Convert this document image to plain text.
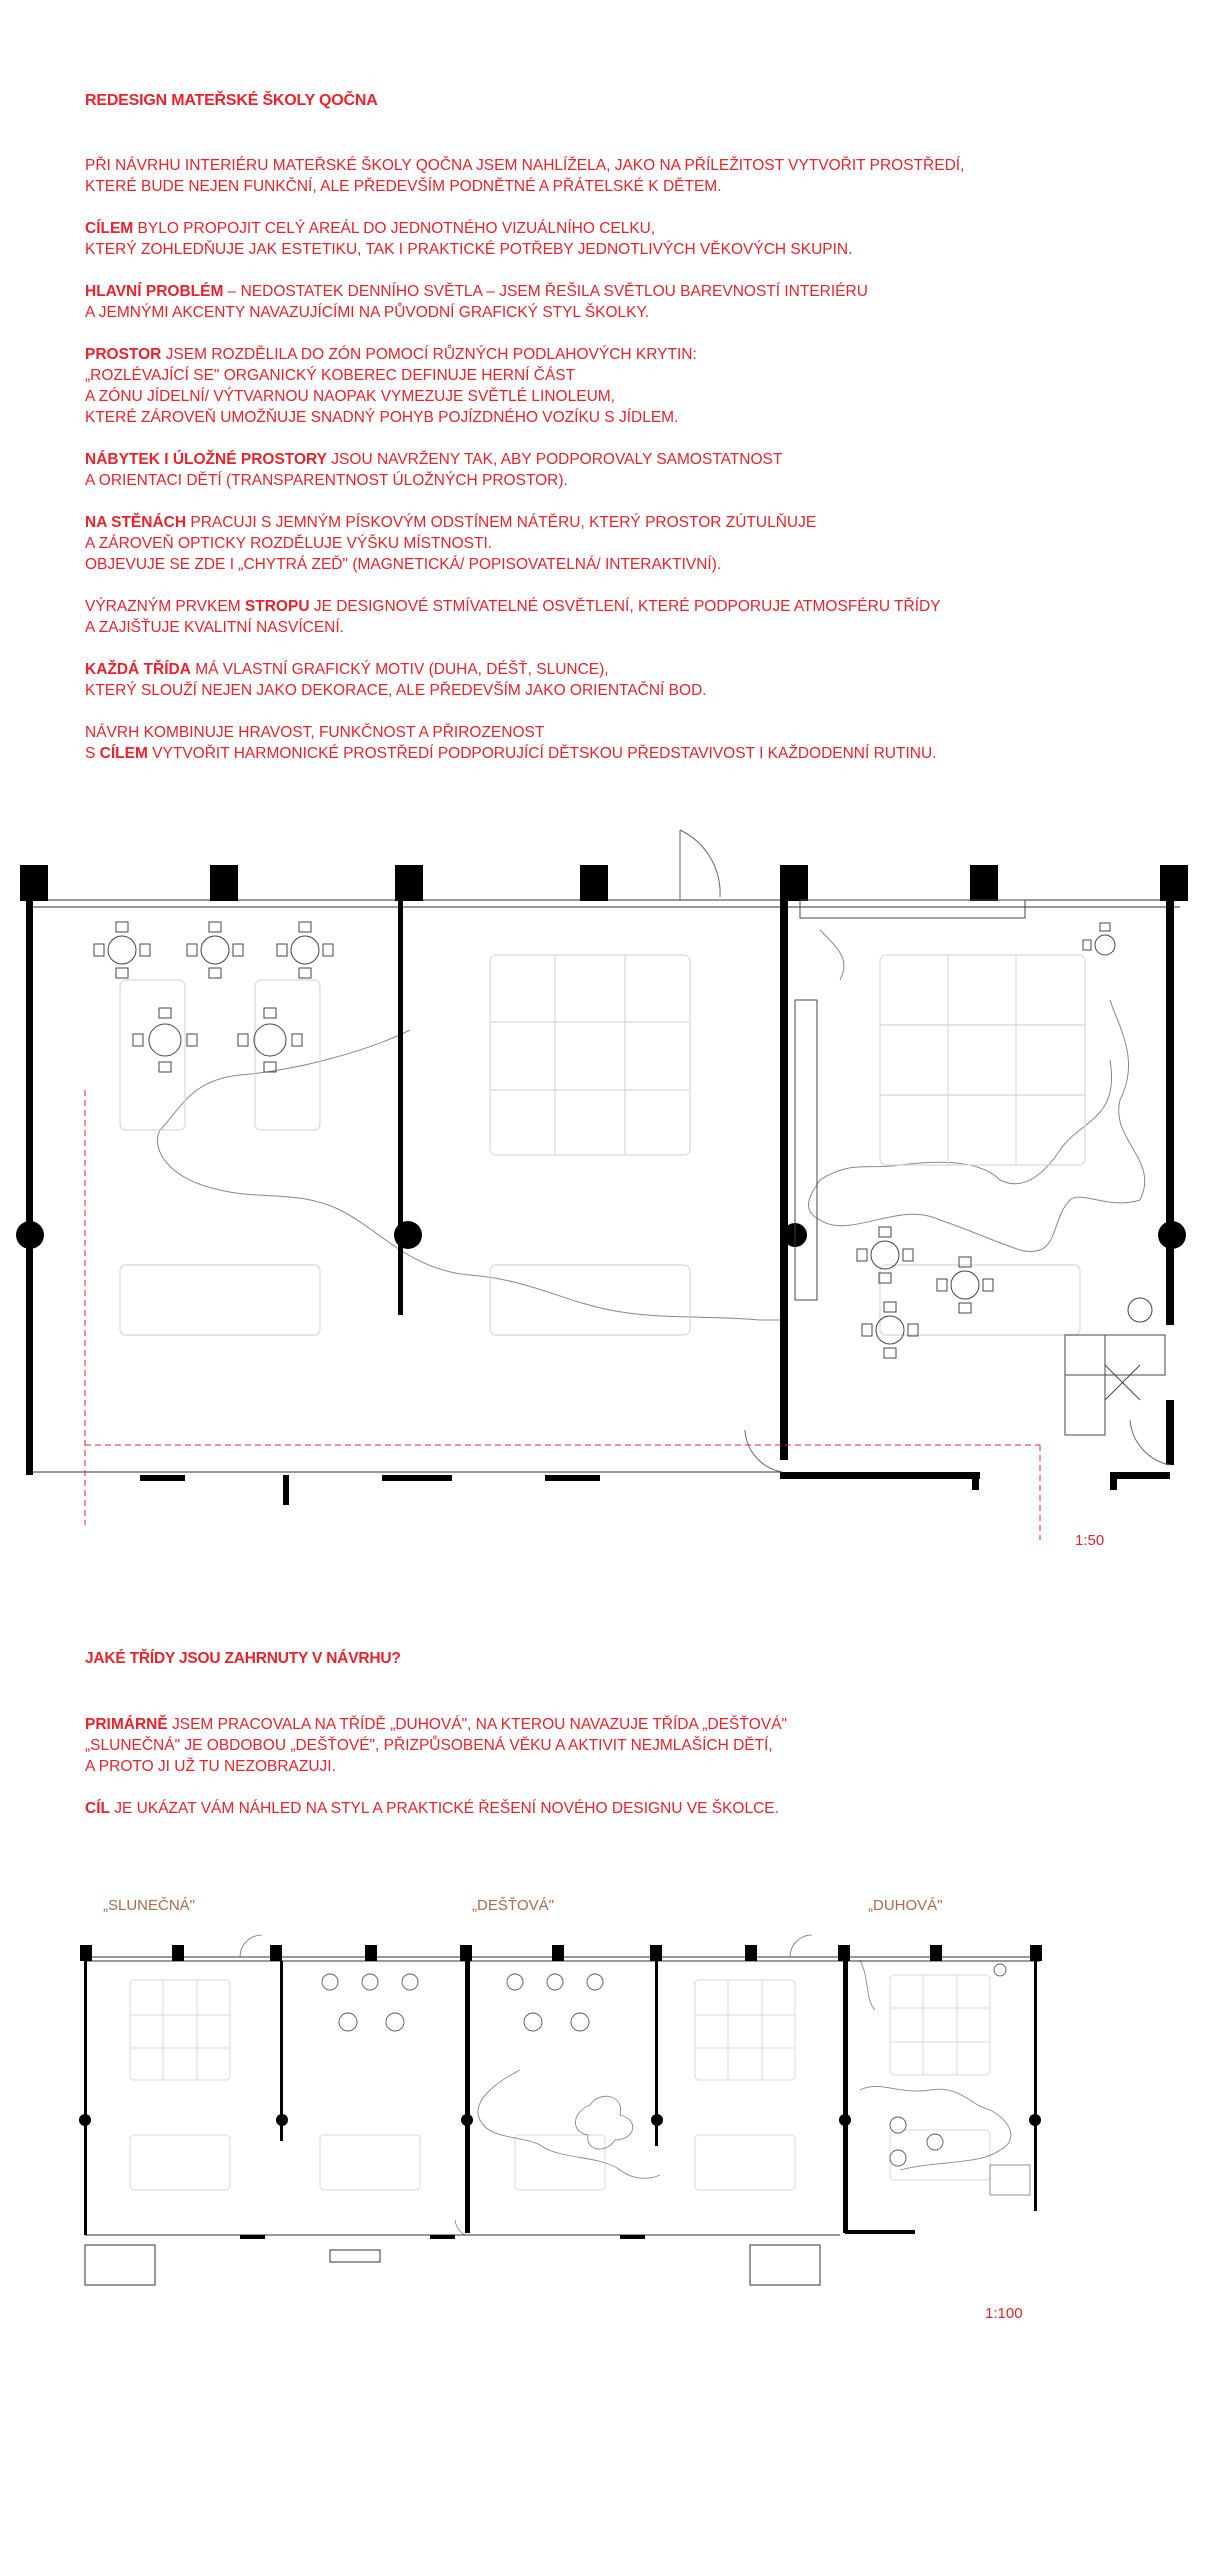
REDESIGN MATEŘSKÉ ŠKOLY QOČNA

PŘI NÁVRHU INTERIÉRU MATEŘSKÉ ŠKOLY QOČNA JSEM NAHLÍŽELA, JAKO NA PŘÍLEŽITOST VYTVOŘIT PROSTŘEDÍ,
KTERÉ BUDE NEJEN FUNKČNÍ, ALE PŘEDEVŠÍM PODNĚTNÉ A PŘÁTELSKÉ K DĚTEM.

CÍLEM BYLO PROPOJIT CELÝ AREÁL DO JEDNOTNÉHO VIZUÁLNÍHO CELKU,
KTERÝ ZOHLEDŇUJE JAK ESTETIKU, TAK I PRAKTICKÉ POTŘEBY JEDNOTLIVÝCH VĚKOVÝCH SKUPIN.

HLAVNÍ PROBLÉM – NEDOSTATEK DENNÍHO SVĚTLA – JSEM ŘEŠILA SVĚTLOU BAREVNOSTÍ INTERIÉRU
A JEMNÝMI AKCENTY NAVAZUJÍCÍMI NA PŮVODNÍ GRAFICKÝ STYL ŠKOLKY.

PROSTOR JSEM ROZDĚLILA DO ZÓN POMOCÍ RŮZNÝCH PODLAHOVÝCH KRYTIN:
„ROZLÉVAJÍCÍ SE" ORGANICKÝ KOBEREC DEFINUJE HERNÍ ČÁST
A ZÓNU JÍDELNÍ/ VÝTVARNOU NAOPAK VYMEZUJE SVĚTLÉ LINOLEUM,
KTERÉ ZÁROVEŇ UMOŽŇUJE SNADNÝ POHYB POJÍZDNÉHO VOZÍKU S JÍDLEM.

NÁBYTEK I ÚLOŽNÉ PROSTORY JSOU NAVRŽENY TAK, ABY PODPOROVALY SAMOSTATNOST
A ORIENTACI DĚTÍ (TRANSPARENTNOST ÚLOŽNÝCH PROSTOR).

NA STĚNÁCH PRACUJI S JEMNÝM PÍSKOVÝM ODSTÍNEM NÁTĚRU, KTERÝ PROSTOR ZÚTULŇUJE
A ZÁROVEŇ OPTICKY ROZDĚLUJE VÝŠKU MÍSTNOSTI.
OBJEVUJE SE ZDE I „CHYTRÁ ZEĎ" (MAGNETICKÁ/ POPISOVATELNÁ/ INTERAKTIVNÍ).

VÝRAZNÝM PRVKEM STROPU JE DESIGNOVÉ STMÍVATELNÉ OSVĚTLENÍ, KTERÉ PODPORUJE ATMOSFÉRU TŘÍDY
A ZAJIŠŤUJE KVALITNÍ NASVÍCENÍ.

KAŽDÁ TŘÍDA MÁ VLASTNÍ GRAFICKÝ MOTIV (DUHA, DÉŠŤ, SLUNCE),
KTERÝ SLOUŽÍ NEJEN JAKO DEKORACE, ALE PŘEDEVŠÍM JAKO ORIENTAČNÍ BOD.

NÁVRH KOMBINUJE HRAVOST, FUNKČNOST A PŘIROZENOST
S CÍLEM VYTVOŘIT HARMONICKÉ PROSTŘEDÍ PODPORUJÍCÍ DĚTSKOU PŘEDSTAVIVOST I KAŽDODENNÍ RUTINU.

1:50
JAKÉ TŘÍDY JSOU ZAHRNUTY V NÁVRHU?

PRIMÁRNĚ JSEM PRACOVALA NA TŘÍDĚ „DUHOVÁ", NA KTEROU NAVAZUJE TŘÍDA „DEŠŤOVÁ"
„SLUNEČNÁ" JE OBDOBOU „DEŠŤOVÉ", PŘIZPŮSOBENÁ VĚKU A AKTIVIT NEJMLAŠÍCH DĚTÍ,
A PROTO JI UŽ TU NEZOBRAZUJI.

CÍL JE UKÁZAT VÁM NÁHLED NA STYL A PRAKTICKÉ ŘEŠENÍ NOVÉHO DESIGNU VE ŠKOLCE.

„SLUNEČNÁ"	„DEŠŤOVÁ"	„DUHOVÁ"
1:100
